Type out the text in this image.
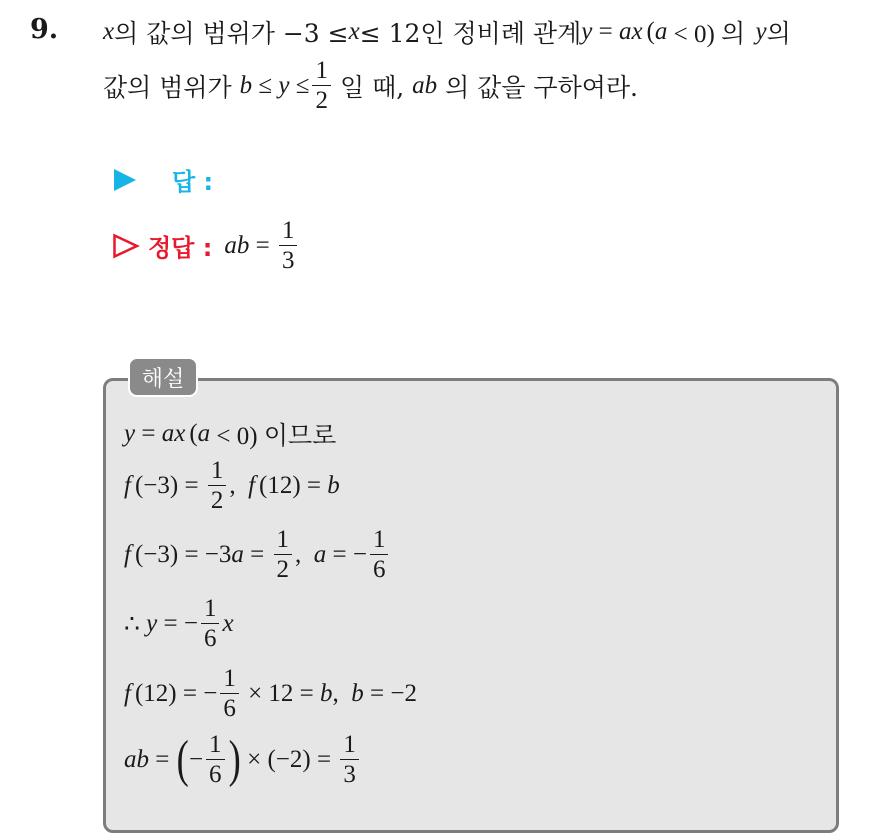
9. x 의 값의 범위가 −3 ≤ x ≤ 12인 정비례 관계 y = ax ( a < 0) 의 y 의
값의 범위가 $b \le y \le \frac{1}{2}$ 일 때, ab 의 값을 구하여라.
답 :
정답 : ab = $\frac{1}{3}$
해설
y = ax ( a < 0) 이므로
f $(-3) = \frac{1}{2}$ , f (12) = b
f (−3) = −3 $a = \frac{1}{2}$ , a = − $\frac{1}{6}$
∴ y = − $\frac{1}{6}$ x
f (12) = − $\frac{1}{6} \times 12 = b$ , b = −2
ab = ( − $\frac{1}{6}$ ) × $(-2) = \frac{1}{3}$
